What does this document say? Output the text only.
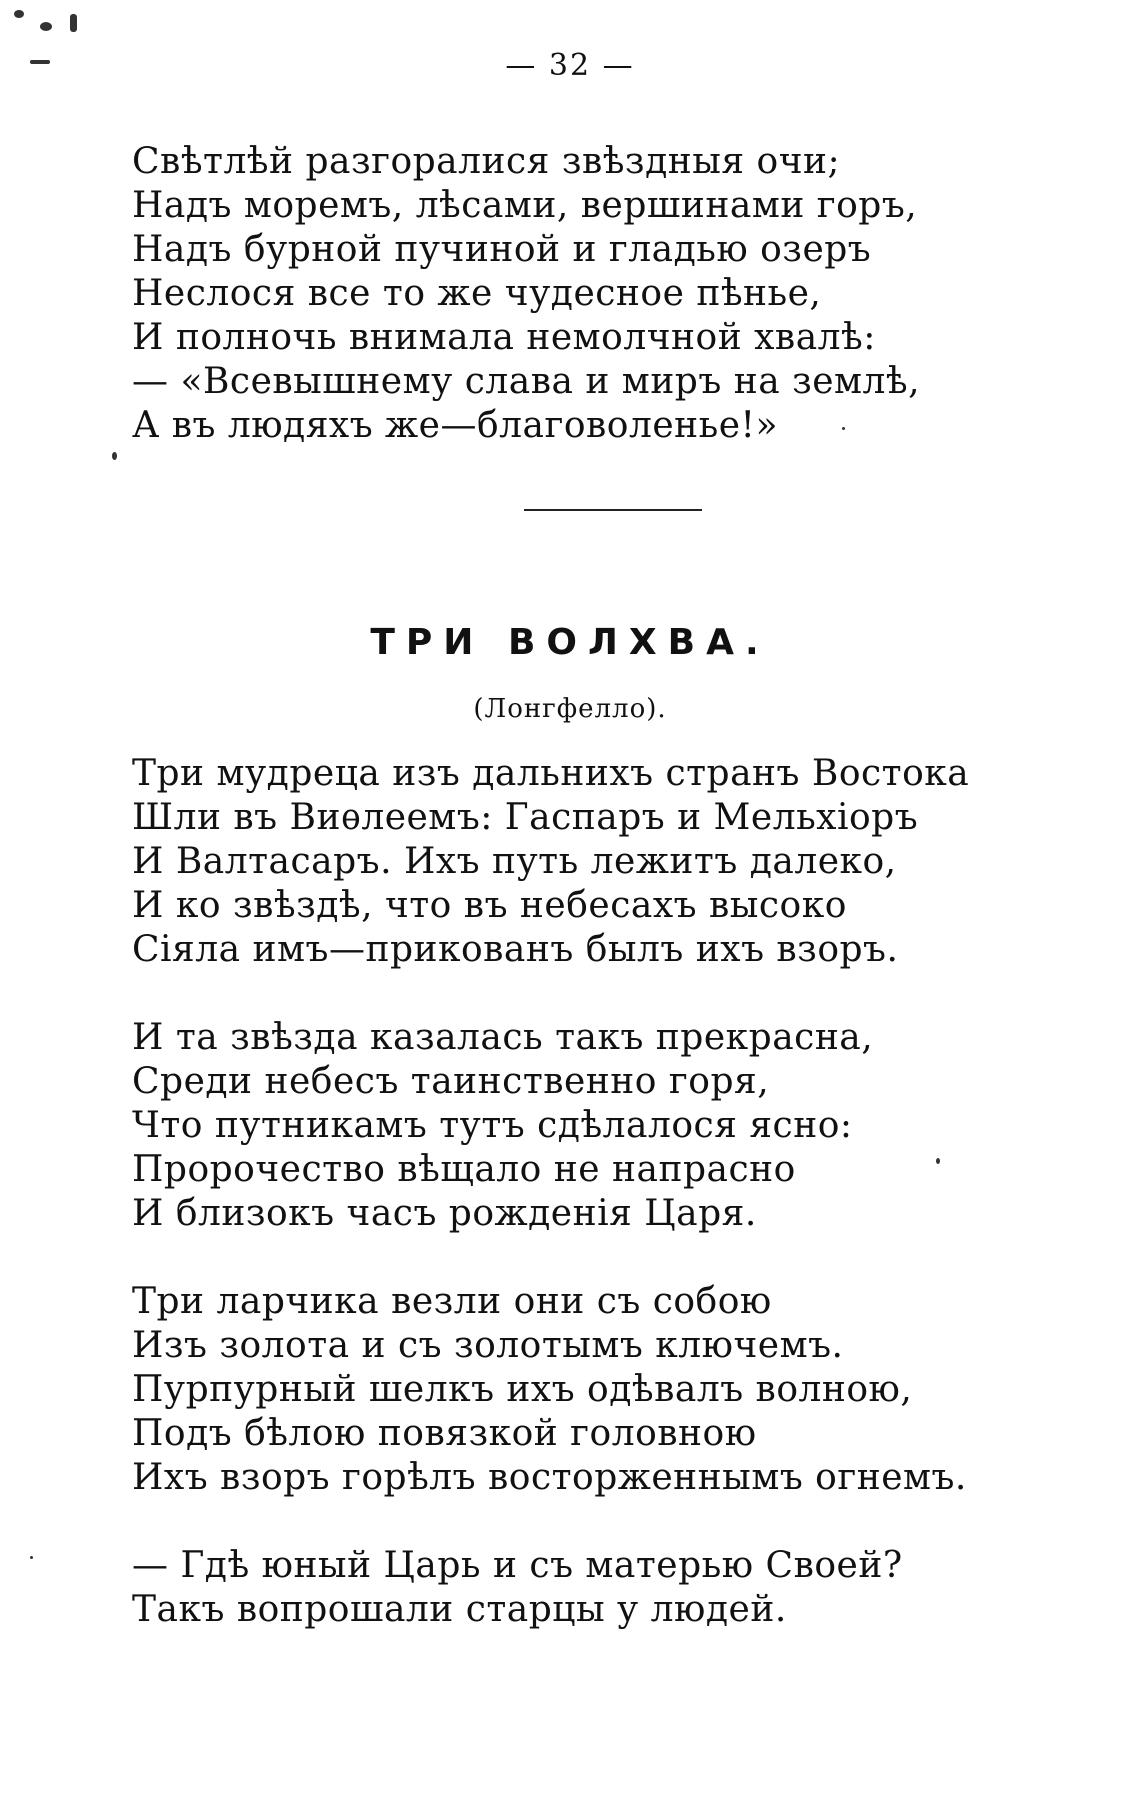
— 32 —
Свѣтлѣй разгоралися звѣздныя очи;
Надъ моремъ, лѣсами, вершинами горъ,
Надъ бурной пучиной и гладью озеръ
Неслося все то же чудесное пѣнье,
И полночь внимала немолчной хвалѣ:
— «Всевышнему слава и миръ на землѣ,
А въ людяхъ же—благоволенье!»
ТРИ ВОЛХВА.
(Лонгфелло).
Три мудреца изъ дальнихъ странъ Востока
Шли въ Виѳлеемъ: Гаспаръ и Мельхіоръ
И Валтасаръ. Ихъ путь лежитъ далеко,
И ко звѣздѣ, что въ небесахъ высоко
Сіяла имъ—прикованъ былъ ихъ взоръ.
И та звѣзда казалась такъ прекрасна,
Среди небесъ таинственно горя,
Что путникамъ тутъ сдѣлалося ясно:
Пророчество вѣщало не напрасно
И близокъ часъ рожденія Царя.
Три ларчика везли они съ собою
Изъ золота и съ золотымъ ключемъ.
Пурпурный шелкъ ихъ одѣвалъ волною,
Подъ бѣлою повязкой головною
Ихъ взоръ горѣлъ восторженнымъ огнемъ.
— Гдѣ юный Царь и съ матерью Своей?
Такъ вопрошали старцы у людей.
